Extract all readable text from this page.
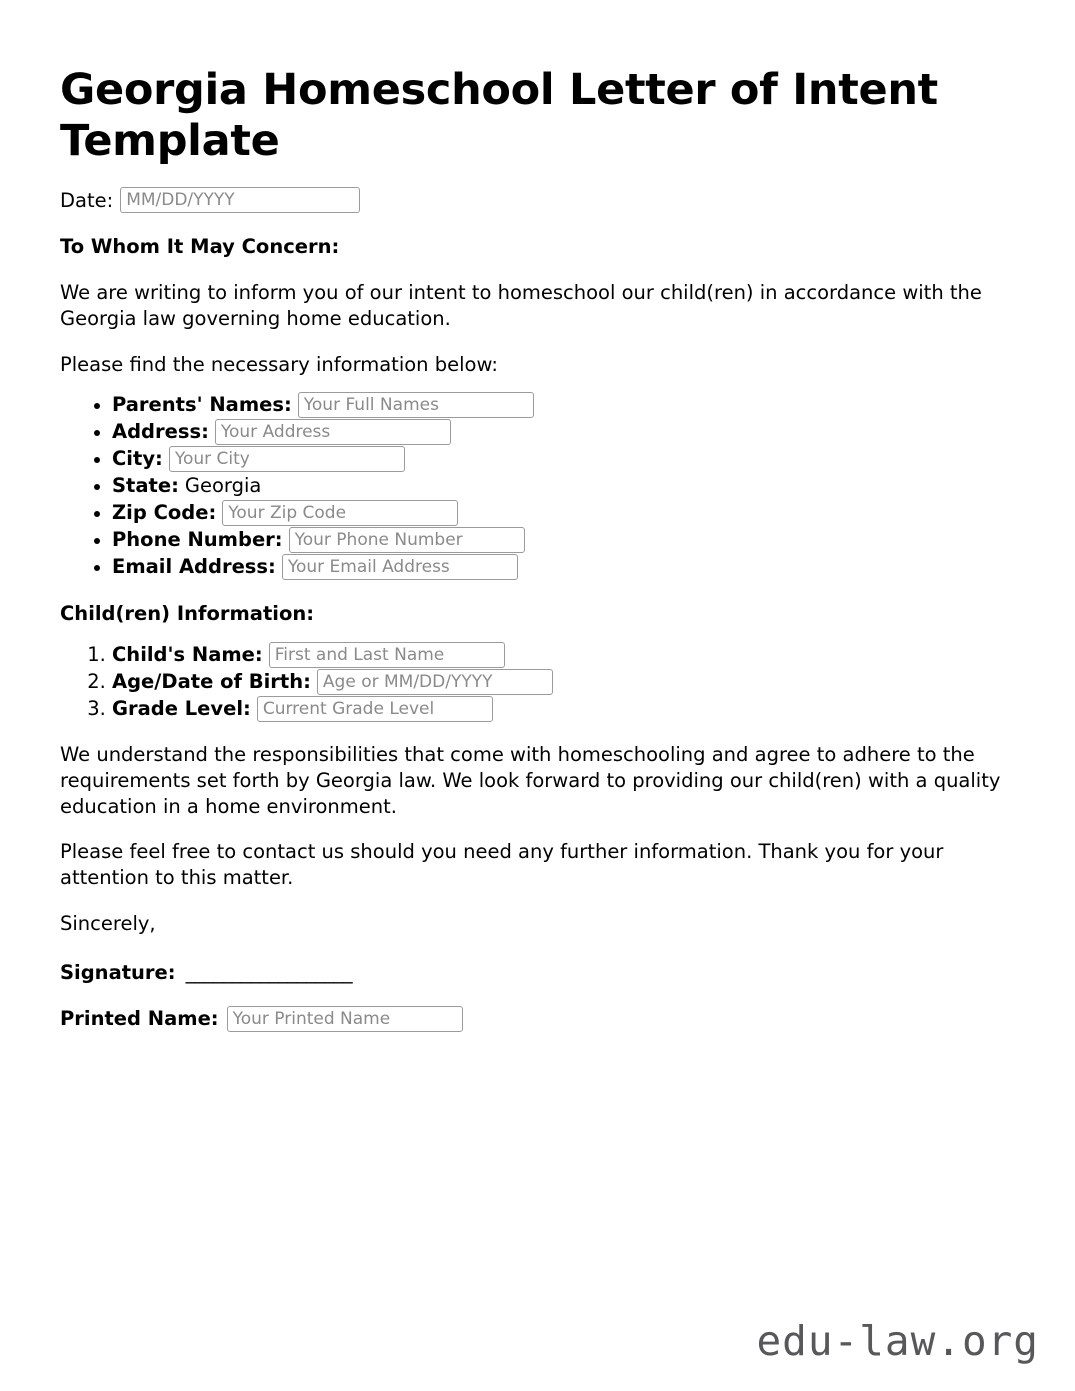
Georgia Homeschool Letter of Intent Template
Date: MM/DD/YYYY
To Whom It May Concern:
We are writing to inform you of our intent to homeschool our child(ren) in accordance with the Georgia law governing home education.
Please find the necessary information below:
• Parents' Names: Your Full Names
• Address: Your Address
• City: Your City
• State: Georgia
• Zip Code: Your Zip Code
• Phone Number: Your Phone Number
• Email Address: Your Email Address
Child(ren) Information:
1. Child's Name: First and Last Name
2. Age/Date of Birth: Age or MM/DD/YYYY
3. Grade Level: Current Grade Level
We understand the responsibilities that come with homeschooling and agree to adhere to the requirements set forth by Georgia law. We look forward to providing our child(ren) with a quality education in a home environment.
Please feel free to contact us should you need any further information. Thank you for your attention to this matter.
Sincerely,
Signature: __________________
Printed Name: Your Printed Name
edu-law.org
